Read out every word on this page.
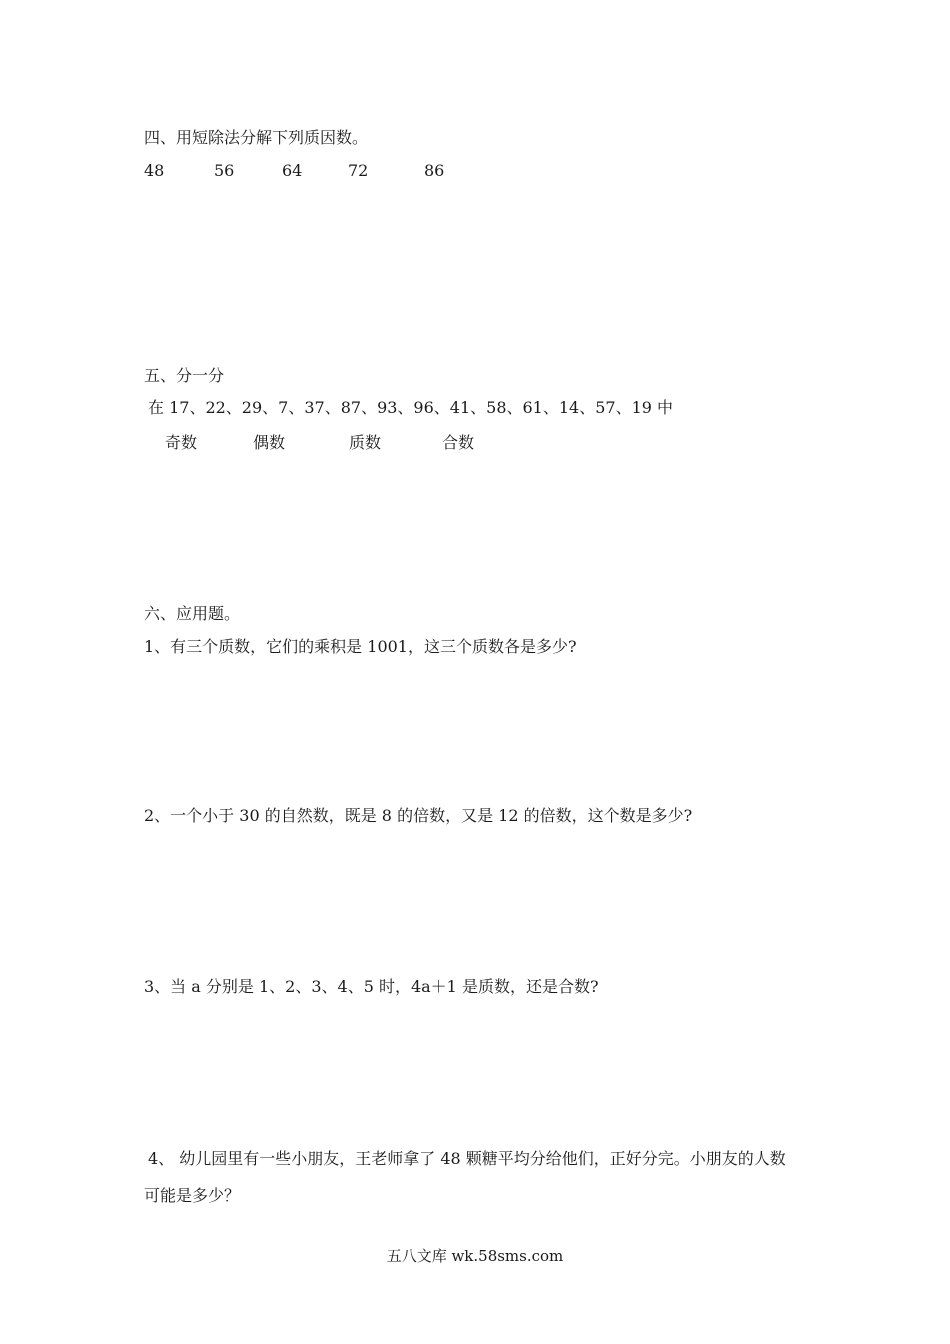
四、用短除法分解下列质因数。
48	56	64	72	86
五、分一分
在 17、22、29、7、37、87、93、96、41、58、61、14、57、19 中
奇数	偶数	质数	合数
六、应用题。
1、有三个质数，它们的乘积是 1001，这三个质数各是多少?
2、一个小于 30 的自然数，既是 8 的倍数，又是 12 的倍数，这个数是多少?
3、当 a 分别是 1、2、3、4、5 时，4a＋1 是质数，还是合数?
4、 幼儿园里有一些小朋友，王老师拿了 48 颗糖平均分给他们，正好分完。小朋友的人数
可能是多少？
五八文库 wk.58sms.com
